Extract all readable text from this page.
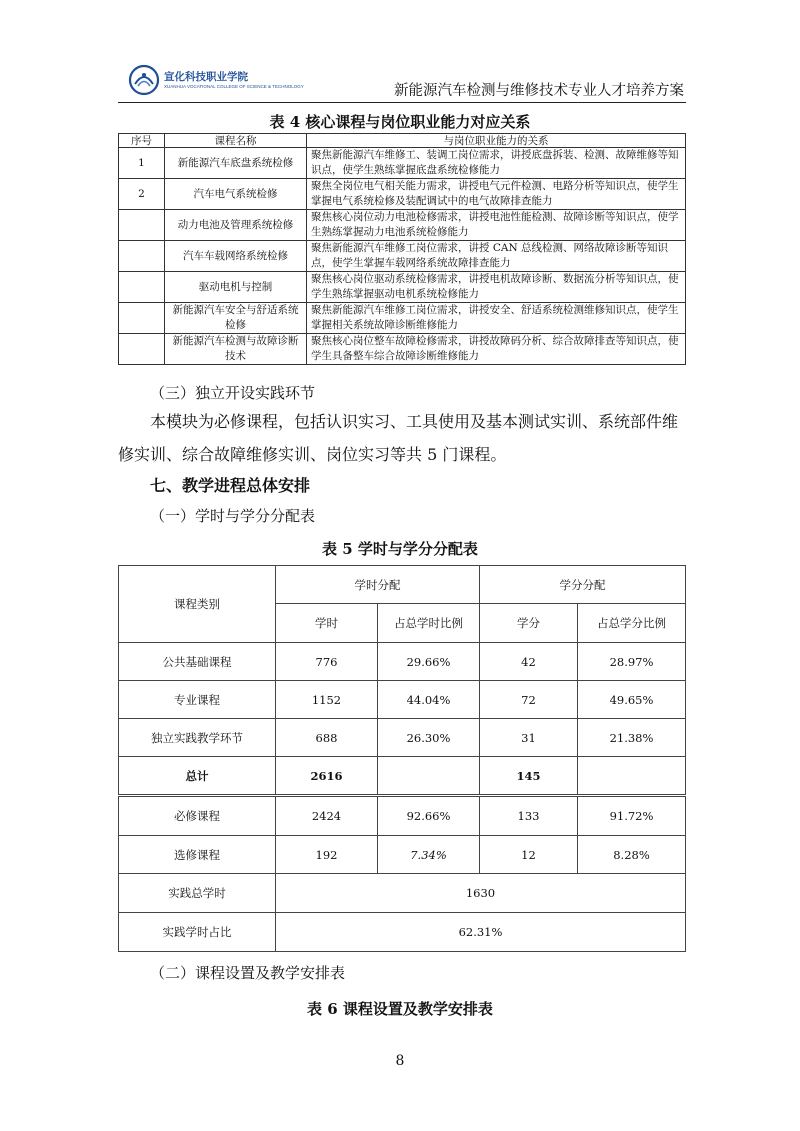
宣化科技职业学院
XUANHUA VOCATIONAL COLLEGE OF SCIENCE & TECHNOLOGY	新能源汽车检测与维修技术专业人才培养方案
表 4 核心课程与岗位职业能力对应关系
序号	课程名称	与岗位职业能力的关系
1	新能源汽车底盘系统检修	聚焦新能源汽车维修工、装调工岗位需求，讲授底盘拆装、检测、故障维修等知识点，使学生熟练掌握底盘系统检修能力
2	汽车电气系统检修	聚焦全岗位电气相关能力需求，讲授电气元件检测、电路分析等知识点，使学生掌握电气系统检修及装配调试中的电气故障排查能力
	动力电池及管理系统检修	聚焦核心岗位动力电池检修需求，讲授电池性能检测、故障诊断等知识点，使学生熟练掌握动力电池系统检修能力
	汽车车载网络系统检修	聚焦新能源汽车维修工岗位需求，讲授 CAN 总线检测、网络故障诊断等知识点，使学生掌握车载网络系统故障排查能力
	驱动电机与控制	聚焦核心岗位驱动系统检修需求，讲授电机故障诊断、数据流分析等知识点，使学生熟练掌握驱动电机系统检修能力
	新能源汽车安全与舒适系统检修	聚焦新能源汽车维修工岗位需求，讲授安全、舒适系统检测维修知识点，使学生掌握相关系统故障诊断维修能力
	新能源汽车检测与故障诊断技术	聚焦核心岗位整车故障检修需求，讲授故障码分析、综合故障排查等知识点，使学生具备整车综合故障诊断维修能力
（三）独立开设实践环节
本模块为必修课程，包括认识实习、工具使用及基本测试实训、系统部件维修实训、综合故障维修实训、岗位实习等共 5 门课程。
七、教学进程总体安排
（一）学时与学分分配表
表 5 学时与学分分配表
课程类别	学时分配		学分分配	
	学时	占总学时比例	学分	占总学分比例
公共基础课程	776	29.66%	42	28.97%
专业课程	1152	44.04%	72	49.65%
独立实践教学环节	688	26.30%	31	21.38%
总计	2616		145	
必修课程	2424	92.66%	133	91.72%
选修课程	192	7.34%	12	8.28%
实践总学时	1630			
实践学时占比	62.31%			
（二）课程设置及教学安排表
表 6 课程设置及教学安排表
8
